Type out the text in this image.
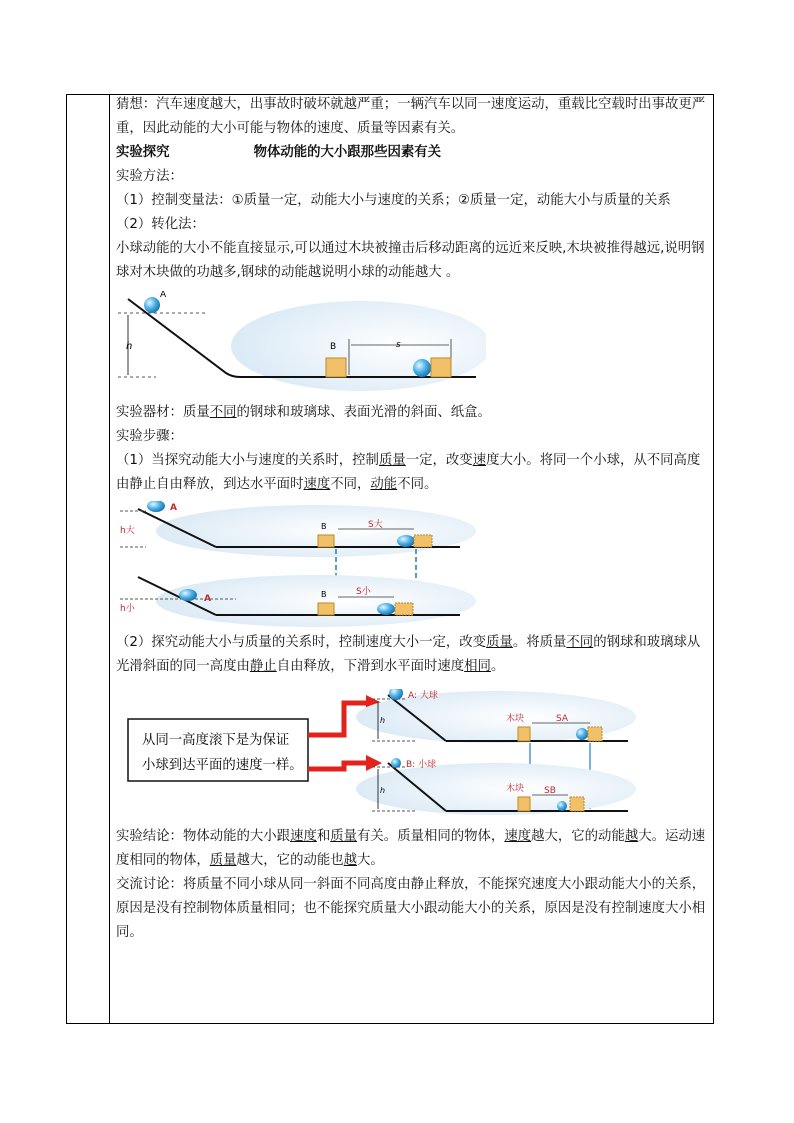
猜想：汽车速度越大，出事故时破坏就越严重；一辆汽车以同一速度运动，重载比空载时出事故更严重，因此动能的大小可能与物体的速度、质量等因素有关。

实验探究	物体动能的大小跟那些因素有关

实验方法：

（1）控制变量法：①质量一定，动能大小与速度的关系；②质量一定，动能大小与质量的关系

（2）转化法：

小球动能的大小不能直接显示,可以通过木块被撞击后移动距离的远近来反映,木块被推得越远,说明钢球对木块做的功越多,钢球的动能越说明小球的动能越大 。

h
A
B	s

实验器材：质量不同的钢球和玻璃球、表面光滑的斜面、纸盒。

实验步骤：

（1）当探究动能大小与速度的关系时，控制质量一定，改变速度大小。将同一个小球，从不同高度由静止自由释放，到达水平面时速度不同，动能不同。

h大
A
B	S大
h小
A	B	S小

（2）探究动能大小与质量的关系时，控制速度大小一定，改变质量。将质量不同的钢球和玻璃球从光滑斜面的同一高度由静止自由释放，下滑到水平面时速度相同。

从同一高度滚下是为保证
小球到达平面的速度一样。
h
A: 大球
木块	SA
h
B: 小球
木块 SB

实验结论：物体动能的大小跟速度和质量有关。质量相同的物体，速度越大，它的动能越大。运动速度相同的物体，质量越大，它的动能也越大。

交流讨论：将质量不同小球从同一斜面不同高度由静止释放，不能探究速度大小跟动能大小的关系，原因是没有控制物体质量相同；也不能探究质量大小跟动能大小的关系，原因是没有控制速度大小相同。
